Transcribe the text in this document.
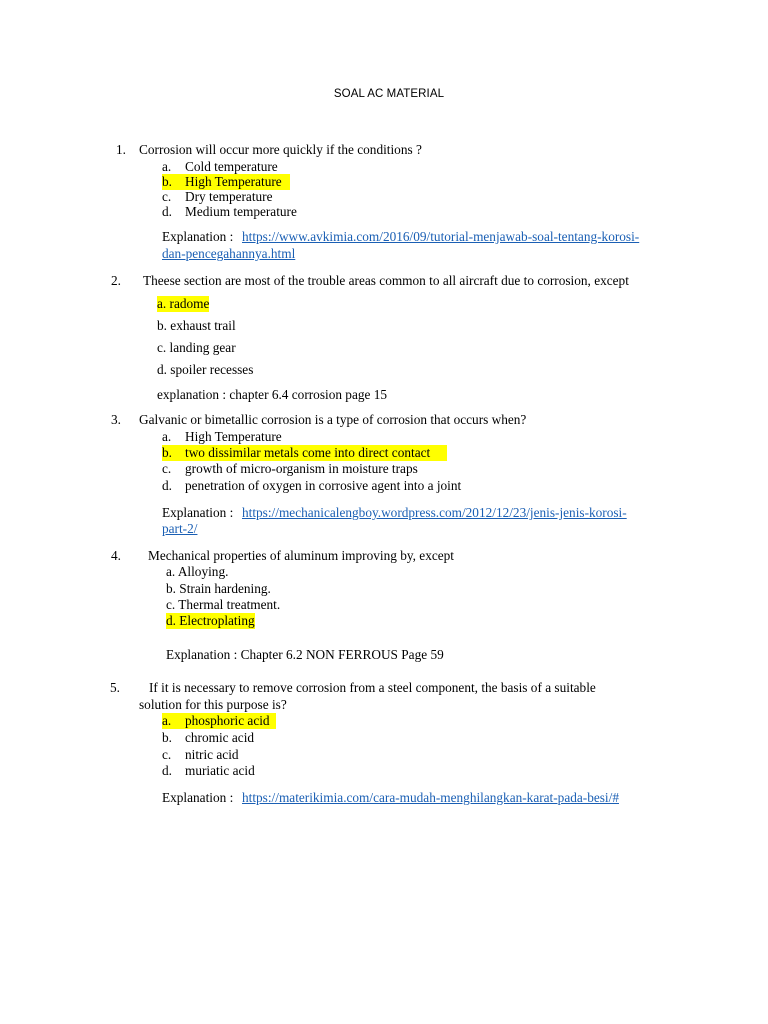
SOAL AC MATERIAL
1. Corrosion will occur more quickly if the conditions ?
a. Cold temperature
b. High Temperature
c. Dry temperature
d. Medium temperature
Explanation : https://www.avkimia.com/2016/09/tutorial-menjawab-soal-tentang-korosi-
dan-pencegahannya.html
2. Theese section are most of the trouble areas common to all aircraft due to corrosion, except
a. radome
b. exhaust trail
c. landing gear
d. spoiler recesses
explanation : chapter 6.4 corrosion page 15
3. Galvanic or bimetallic corrosion is a type of corrosion that occurs when?
a. High Temperature
b. two dissimilar metals come into direct contact
c. growth of micro-organism in moisture traps
d. penetration of oxygen in corrosive agent into a joint
Explanation : https://mechanicalengboy.wordpress.com/2012/12/23/jenis-jenis-korosi-
part-2/
4. Mechanical properties of aluminum improving by, except
a. Alloying.
b. Strain hardening.
c. Thermal treatment.
d. Electroplating
Explanation : Chapter 6.2 NON FERROUS Page 59
5. If it is necessary to remove corrosion from a steel component, the basis of a suitable
solution for this purpose is?
a. phosphoric acid
b. chromic acid
c. nitric acid
d. muriatic acid
Explanation : https://materikimia.com/cara-mudah-menghilangkan-karat-pada-besi/#
